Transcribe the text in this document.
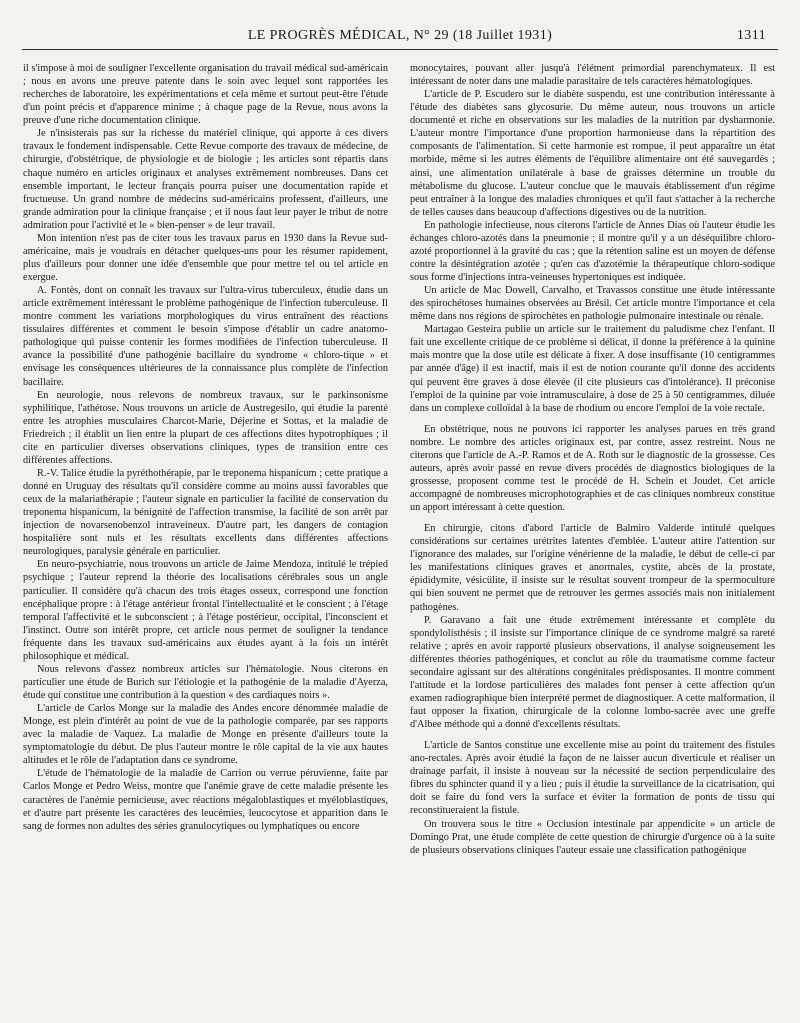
LE PROGRÈS MÉDICAL, N° 29 (18 Juillet 1931)	1311

il s'impose à moi de souligner l'excellente organisation du travail médical sud-américain ; nous en avons une preuve patente dans le soin avec lequel sont rapportées les recherches de laboratoire, les expérimentations et cela même et surtout peut-être l'étude d'un point précis et d'apparence minime ; à chaque page de la Revue, nous avons la preuve d'une riche documentation clinique.

Je n'insisterais pas sur la richesse du matériel clinique, qui apporte à ces divers travaux le fondement indispensable. Cette Revue comporte des travaux de médecine, de chirurgie, d'obstétrique, de physiologie et de biologie ; les articles sont répartis dans chaque numéro en articles originaux et analyses extrêmement nombreuses. Dans cet ensemble important, le lecteur français pourra puiser une documentation rapide et fructueuse. Un grand nombre de médecins sud-américains professent, d'ailleurs, une grande admiration pour la clinique française ; et il nous faut leur payer le tribut de notre admiration pour l'activité et le « bien-penser » de leur travail.

Mon intention n'est pas de citer tous les travaux parus en 1930 dans la Revue sud-américaine, mais je voudrais en détacher quelques-uns pour les résumer rapidement, plus d'ailleurs pour donner une idée d'ensemble que pour mettre tel ou tel article en exergue.

A. Fontès, dont on connaît les travaux sur l'ultra-virus tuberculeux, étudie dans un article extrêmement intéressant le problème pathogénique de l'infection tuberculeuse. Il montre comment les variations morphologiques du virus entraînent des réactions tissulaires différentes et comment le besoin s'impose d'établir un cadre anatomo-pathologique qui puisse contenir les formes modifiées de l'infection tuberculeuse. Il avance la possibilité d'une pathogénie bacillaire du syndrome « chloro-tique » et envisage les conséquences ultérieures de la connaissance plus complète de l'infection bacillaire.

En neurologie, nous relevons de nombreux travaux, sur le parkinsonisme syphilitique, l'athétose. Nous trouvons un article de Austregesilo, qui étudie la parenté entre les atrophies musculaires Charcot-Marie, Déjerine et Sottas, et la maladie de Friedreich ; il établit un lien entre la plupart de ces affections dites hypotrophiques ; il cite en particulier diverses observations cliniques, types de transition entre ces différentes affections.

R.-V. Talice étudie la pyréthothérapie, par le treponema hispanicum ; cette pratique a donné en Uruguay des résultats qu'il considère comme au moins aussi favorables que ceux de la malariathérapie ; l'auteur signale en particulier la facilité de conservation du treponema hispanicum, la bénignité de l'affection transmise, la facilité de son arrêt par injection de novarsenobenzol intraveineux. D'autre part, les dangers de contagion hospitalière sont nuls et les résultats excellents dans différentes affections neurologiques, paralysie générale en particulier.

En neuro-psychiatrie, nous trouvons un article de Jaime Mendoza, intitulé le trépied psychique ; l'auteur reprend la théorie des localisations cérébrales sous un angle particulier. Il considère qu'à chacun des trois étages osseux, correspond une fonction encéphalique propre : à l'étage antérieur frontal l'intellectualité et le conscient ; à l'étage temporal l'affectivité et le subconscient ; à l'étage postérieur, occipital, l'inconscient et l'instinct. Outre son intérêt propre, cet article nous permet de souligner la tendance fréquente dans les travaux sud-américains aux études ayant à la fois un intérêt philosophique et médical.

Nous relevons d'assez nombreux articles sur l'hématologie. Nous citerons en particulier une étude de Burich sur l'étiologie et la pathogénie de la maladie d'Ayerza, étude qui constitue une contribution à la question « des cardiaques noirs ».

L'article de Carlos Monge sur la maladie des Andes encore dénommée maladie de Monge, est plein d'intérêt au point de vue de la pathologie comparée, par ses rapports avec la maladie de Vaquez. La maladie de Monge en présente d'ailleurs toute la symptomatologie du début. De plus l'auteur montre le rôle capital de la vie aux hautes altitudes et le rôle de l'adaptation dans ce syndrome.

L'étude de l'hématologie de la maladie de Carrion ou verrue péruvienne, faite par Carlos Monge et Pedro Weiss, montre que l'anémie grave de cette maladie présente les caractères de l'anémie pernicieuse, avec réactions mégaloblastiques et myéloblastiques, et d'autre part présente les caractères des leucémies, leucocytose et apparition dans le sang de formes non adultes des séries granulocytiques ou lymphatiques ou encore

monocytaires, pouvant aller jusqu'à l'élément primordial parenchymateux. Il est intéressant de noter dans une maladie parasitaire de tels caractères hématologiques.

L'article de P. Escudero sur le diabète suspendu, est une contribution intéressante à l'étude des diabètes sans glycosurie. Du même auteur, nous trouvons un article documenté et riche en observations sur les maladies de la nutrition par dysharmonie. L'auteur montre l'importance d'une proportion harmonieuse dans la répartition des composants de l'alimentation. Si cette harmonie est rompue, il peut apparaître un état morbide, même si les autres éléments de l'équilibre alimentaire ont été sauvegardés ; ainsi, une alimentation unilatérale à base de graisses détermine un trouble du métabolisme du glucose. L'auteur conclue que le mauvais établissement d'un régime peut entraîner à la longue des maladies chroniques et qu'il faut s'attacher à la recherche de telles causes dans beaucoup d'affections digestives ou de la nutrition.

En pathologie infectieuse, nous citerons l'article de Annes Dias où l'auteur étudie les échanges chloro-azotés dans la pneumonie ; il montre qu'il y a un déséquilibre chloro-azoté proportionnel à la gravité du cas ; que la rétention saline est un moyen de défense contre la désintégration azotée ; qu'en cas d'azotémie la thérapeutique chloro-sodique sous forme d'injections intra-veineuses hypertoniques est indiquée.

Un article de Mac Dowell, Carvalho, et Travassos constitue une étude intéressante des spirochétoses humaines observées au Brésil. Cet article montre l'importance et cela même dans nos régions de spirochètes en pathologie pulmonaire intestinale ou rénale.

Martagao Gesteira publie un article sur le traitement du paludisme chez l'enfant. Il fait une excellente critique de ce problème si délicat, il donne la préférence à la quinine mais montre que la dose utile est délicate à fixer. A dose insuffisante (10 centigrammes par année d'âge) il est inactif, mais il est de notion courante qu'il donne des accidents qui peuvent être graves à dose élevée (il cite plusieurs cas d'intolérance). Il préconise l'emploi de la quinine par voie intramusculaire, à dose de 25 à 50 centigrammes, diluée dans un complexe colloïdal à la base de rhodium ou encore l'emploi de la voie rectale.

En obstétrique, nous ne pouvons ici rapporter les analyses parues en très grand nombre. Le nombre des articles originaux est, par contre, assez restreint. Nous ne citerons que l'article de A.-P. Ramos et de A. Roth sur le diagnostic de la grossesse. Ces auteurs, après avoir passé en revue divers procédés de diagnostics biologiques de la grossesse, proposent comme test le procédé de H. Schein et Joudet. Cet article accompagné de nombreuses microphotographies et de cas cliniques nombreux constitue un apport intéressant à cette question.

En chirurgie, citons d'abord l'article de Balmiro Valderde intitulé quelques considérations sur certaines urétrites latentes d'emblée. L'auteur attire l'attention sur l'ignorance des malades, sur l'origine vénérienne de la maladie, le début de celle-ci par les manifestations cliniques graves et anormales, cystite, abcès de la prostate, épididymite, vésicülite, il insiste sur le résultat souvent trompeur de la spermoculture qui bien souvent ne permet que de retrouver les germes associés mais non initialement pathogènes.

P. Garavano a fait une étude extrêmement intéressante et complète du spondylolisthésis ; il insiste sur l'importance clinique de ce syndrome malgré sa rareté relative ; après en avoir rapporté plusieurs observations, il analyse soigneusement les différentes théories pathogéniques, et conclut au rôle du traumatisme comme facteur secondaire agissant sur des altérations congénitales prédisposantes. Il montre comment l'attitude et la lordose particulières des malades font penser à cette affection qu'un examen radiographique bien interprété permet de diagnostiquer. A cette malformation, il faut opposer la fixation, chirurgicale de la colonne lombo-sacrée avec une greffe d'Albee méthode qui a donné d'excellents résultats.

L'article de Santos constitue une excellente mise au point du traitement des fistules ano-rectales. Après avoir étudié la façon de ne laisser aucun diverticule et réaliser un drainage parfait, il insiste à nouveau sur la nécessité de section perpendiculaire des fibres du sphincter quand il y a lieu ; puis il étudie la surveillance de la cicatrisation, qui doit se faire du fond vers la surface et éviter la formation de ponts de tissu qui reconstitueraient la fistule.

On trouvera sous le titre « Occlusion intestinale par appendicite » un article de Domingo Prat, une étude complète de cette question de chirurgie d'urgence où à la suite de plusieurs observations cliniques l'auteur essaie une classification pathogénique
